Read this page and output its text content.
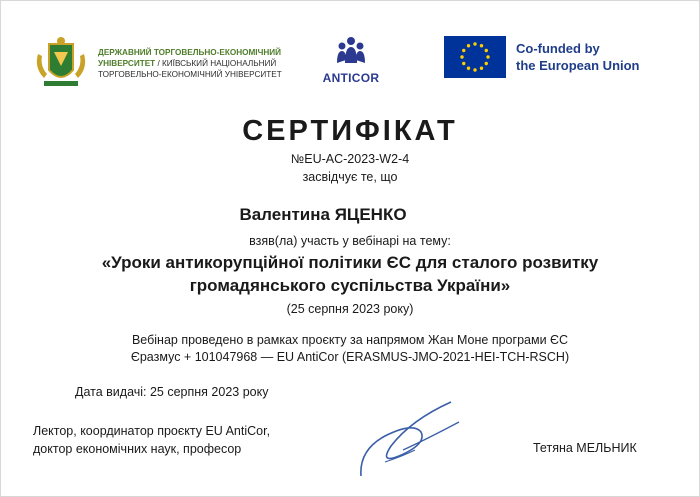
ДЕРЖАВНИЙ ТОРГОВЕЛЬНО-ЕКОНОМІЧНИЙ
УНІВЕРСИТЕТ / КИЇВСЬКИЙ НАЦІОНАЛЬНИЙ
ТОРГОВЕЛЬНО-ЕКОНОМІЧНИЙ УНІВЕРСИТЕТ	ANTICOR
Co-funded by
the European Union
СЕРТИФІКАТ
№EU-AC-2023-W2-4
засвідчує те, що
Валентина ЯЦЕНКО
взяв(ла) участь у вебінарі на тему:
«Уроки антикорупційної політики ЄС для сталого розвитку
громадянського суспільства України»
(25 серпня 2023 року)
Вебінар проведено в рамках проєкту за напрямом Жан Моне програми ЄС
Єразмус + 101047968 — EU AntiCor (ERASMUS-JMO-2021-HEI-TCH-RSCH)
Дата видачі: 25 серпня 2023 року
Лектор, координатор проєкту EU AntiCor,
доктор економічних наук, професор	Тетяна МЕЛЬНИК
